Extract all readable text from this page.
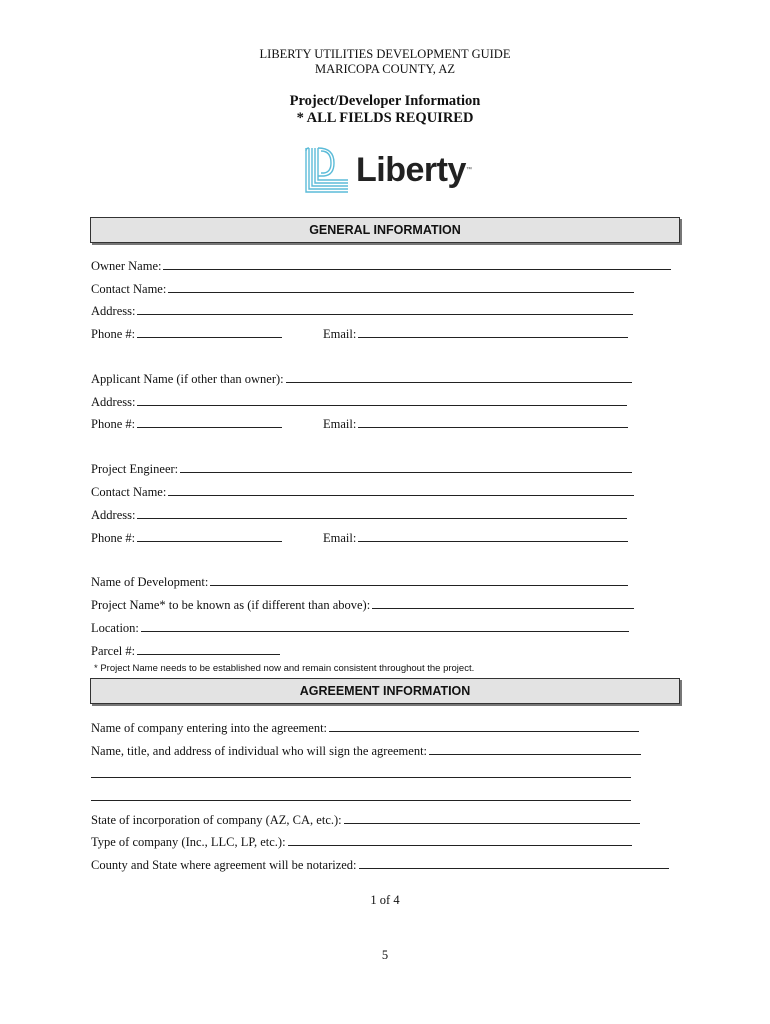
LIBERTY UTILITIES DEVELOPMENT GUIDE
MARICOPA COUNTY, AZ
Project/Developer Information
* ALL FIELDS REQUIRED
Liberty ™
GENERAL INFORMATION
Owner Name:
Contact Name:
Address:
Phone #:	Email:
Applicant Name (if other than owner):
Address:
Phone #:	Email:
Project Engineer:
Contact Name:
Address:
Phone #:	Email:
Name of Development:
Project Name* to be known as (if different than above):
Location:
Parcel #:
* Project Name needs to be established now and remain consistent throughout the project.
AGREEMENT INFORMATION
Name of company entering into the agreement:
Name, title, and address of individual who will sign the agreement:
State of incorporation of company (AZ, CA, etc.):
Type of company (Inc., LLC, LP, etc.):
County and State where agreement will be notarized:
1 of 4
5
